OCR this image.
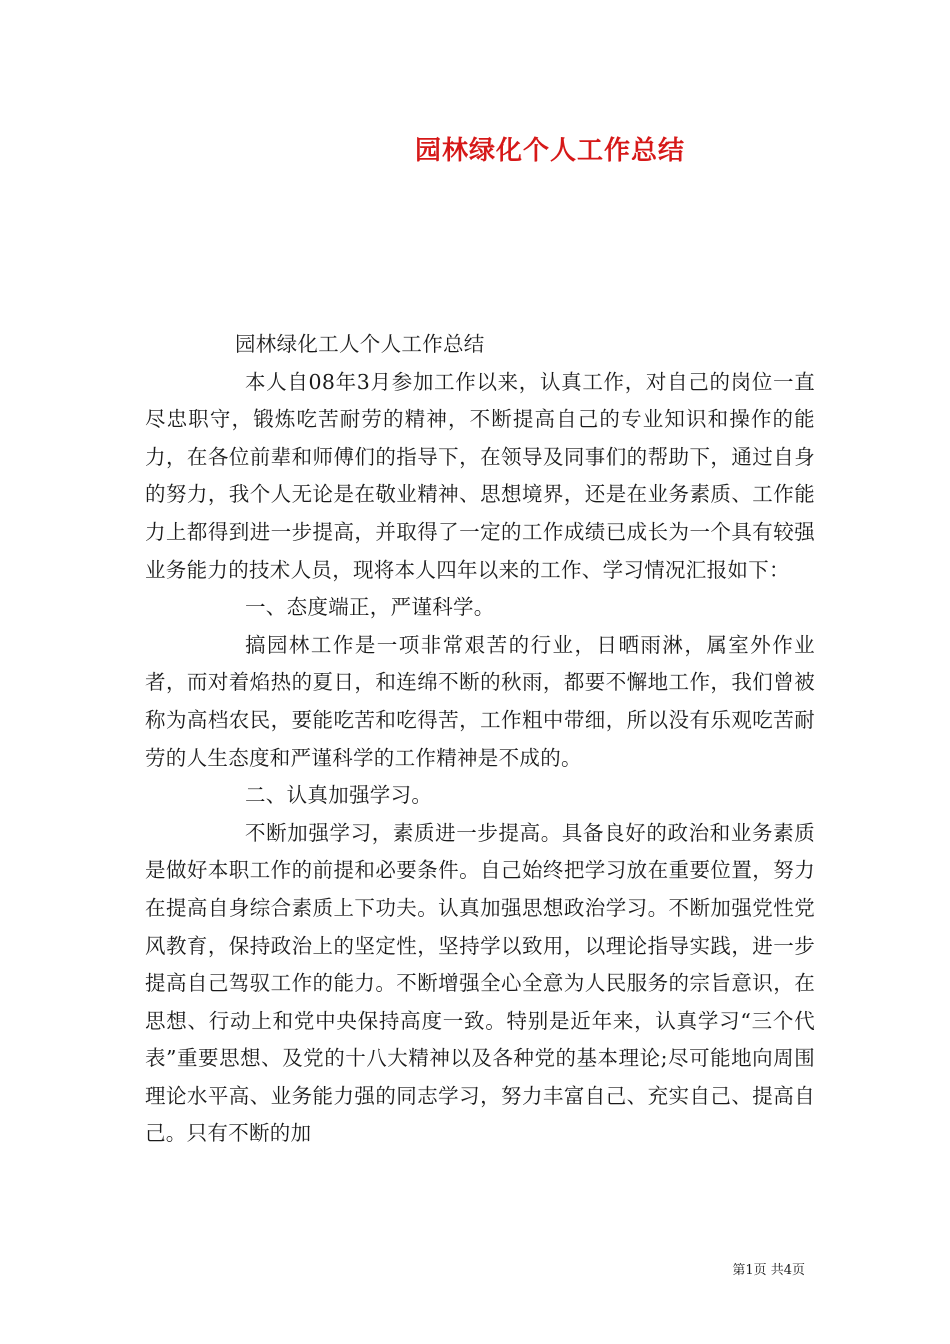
园林绿化个人工作总结

园林绿化工人个人工作总结

本人自08年3月参加工作以来，认真工作，对自己的岗位一直尽忠职守，锻炼吃苦耐劳的精神，不断提高自己的专业知识和操作的能力，在各位前辈和师傅们的指导下，在领导及同事们的帮助下，通过自身的努力，我个人无论是在敬业精神、思想境界，还是在业务素质、工作能力上都得到进一步提高，并取得了一定的工作成绩已成长为一个具有较强业务能力的技术人员，现将本人四年以来的工作、学习情况汇报如下：

一、态度端正，严谨科学。

搞园林工作是一项非常艰苦的行业，日晒雨淋，属室外作业者，而对着焰热的夏日，和连绵不断的秋雨，都要不懈地工作，我们曾被称为高档农民，要能吃苦和吃得苦，工作粗中带细，所以没有乐观吃苦耐劳的人生态度和严谨科学的工作精神是不成的。

二、认真加强学习。

不断加强学习，素质进一步提高。具备良好的政治和业务素质是做好本职工作的前提和必要条件。自己始终把学习放在重要位置，努力在提高自身综合素质上下功夫。认真加强思想政治学习。不断加强党性党风教育，保持政治上的坚定性，坚持学以致用，以理论指导实践，进一步提高自己驾驭工作的能力。不断增强全心全意为人民服务的宗旨意识，在思想、行动上和党中央保持高度一致。特别是近年来，认真学习“三个代表”重要思想、及党的十八大精神以及各种党的基本理论;尽可能地向周围理论水平高、业务能力强的同志学习，努力丰富自己、充实自己、提高自己。只有不断的加

第1页 共4页
